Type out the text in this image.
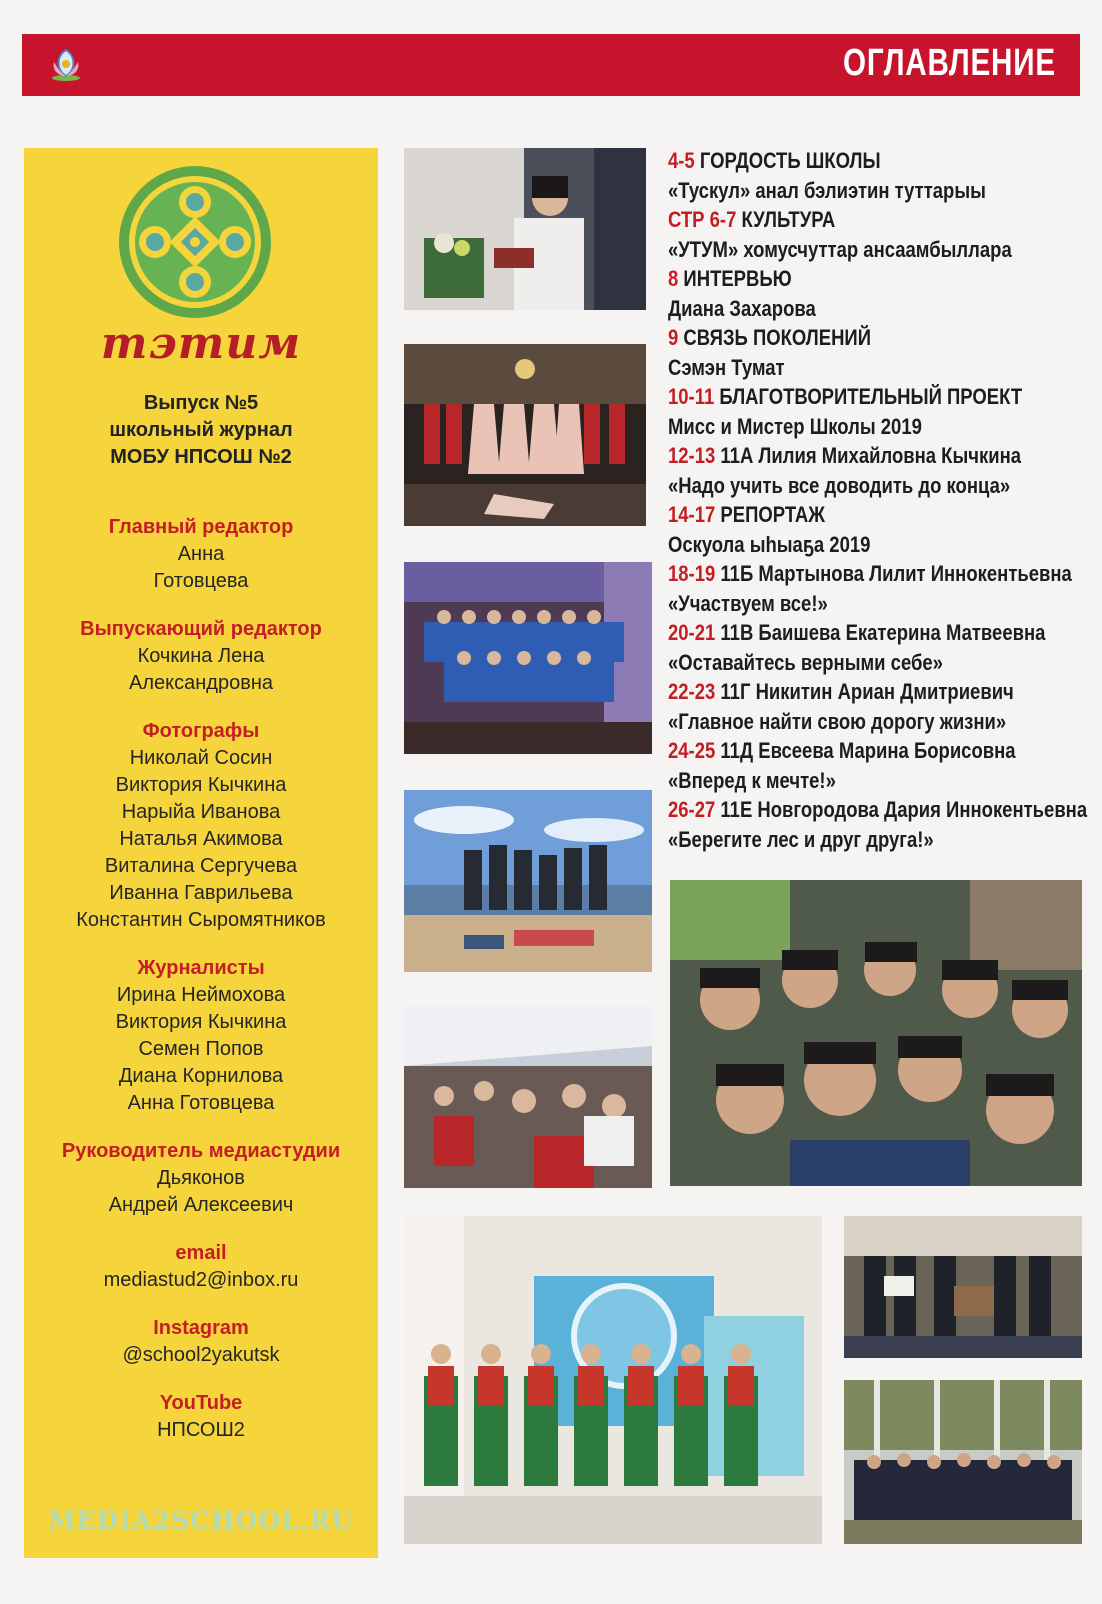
ОГЛАВЛЕНИЕ
тэтим
Выпуск №5
школьный журнал
МОБУ НПСОШ №2
Главный редактор
Анна
Готовцева
Выпускающий редактор
Кочкина Лена
Александровна
Фотографы
Николай Сосин
Виктория Кычкина
Нарыйа Иванова
Наталья Акимова
Виталина Сергучева
Иванна Гаврильева
Константин Сыромятников
Журналисты
Ирина Неймохова
Виктория Кычкина
Семен Попов
Диана Корнилова
Анна Готовцева
Руководитель медиастудии
Дьяконов
Андрей Алексеевич
email
mediastud2@inbox.ru
Instagram
@school2yakutsk
YouTube
НПСОШ2
MEDIA2SCHOOL.RU
4-5 ГОРДОСТЬ ШКОЛЫ
«Тускул» анал бэлиэтин туттарыы
СТР 6-7 КУЛЬТУРА
«УТУМ» хомусчуттар ансаамбыллара
8 ИНТЕРВЬЮ
Диана Захарова
9 СВЯЗЬ ПОКОЛЕНИЙ
Сэмэн Тумат
10-11 БЛАГОТВОРИТЕЛЬНЫЙ ПРОЕКТ
Мисс и Мистер Школы 2019
12-13 11А Лилия Михайловна Кычкина
«Надо учить все доводить до конца»
14-17 РЕПОРТАЖ
Оскуола ыhыаҕа 2019
18-19 11Б Мартынова Лилит Иннокентьевна
«Участвуем все!»
20-21 11В Баишева Екатерина Матвеевна
«Оставайтесь верными себе»
22-23 11Г Никитин Ариан Дмитриевич
«Главное найти свою дорогу жизни»
24-25 11Д Евсеева Марина Борисовна
«Вперед к мечте!»
26-27 11Е Новгородова Дария Иннокентьевна
«Берегите лес и друг друга!»
